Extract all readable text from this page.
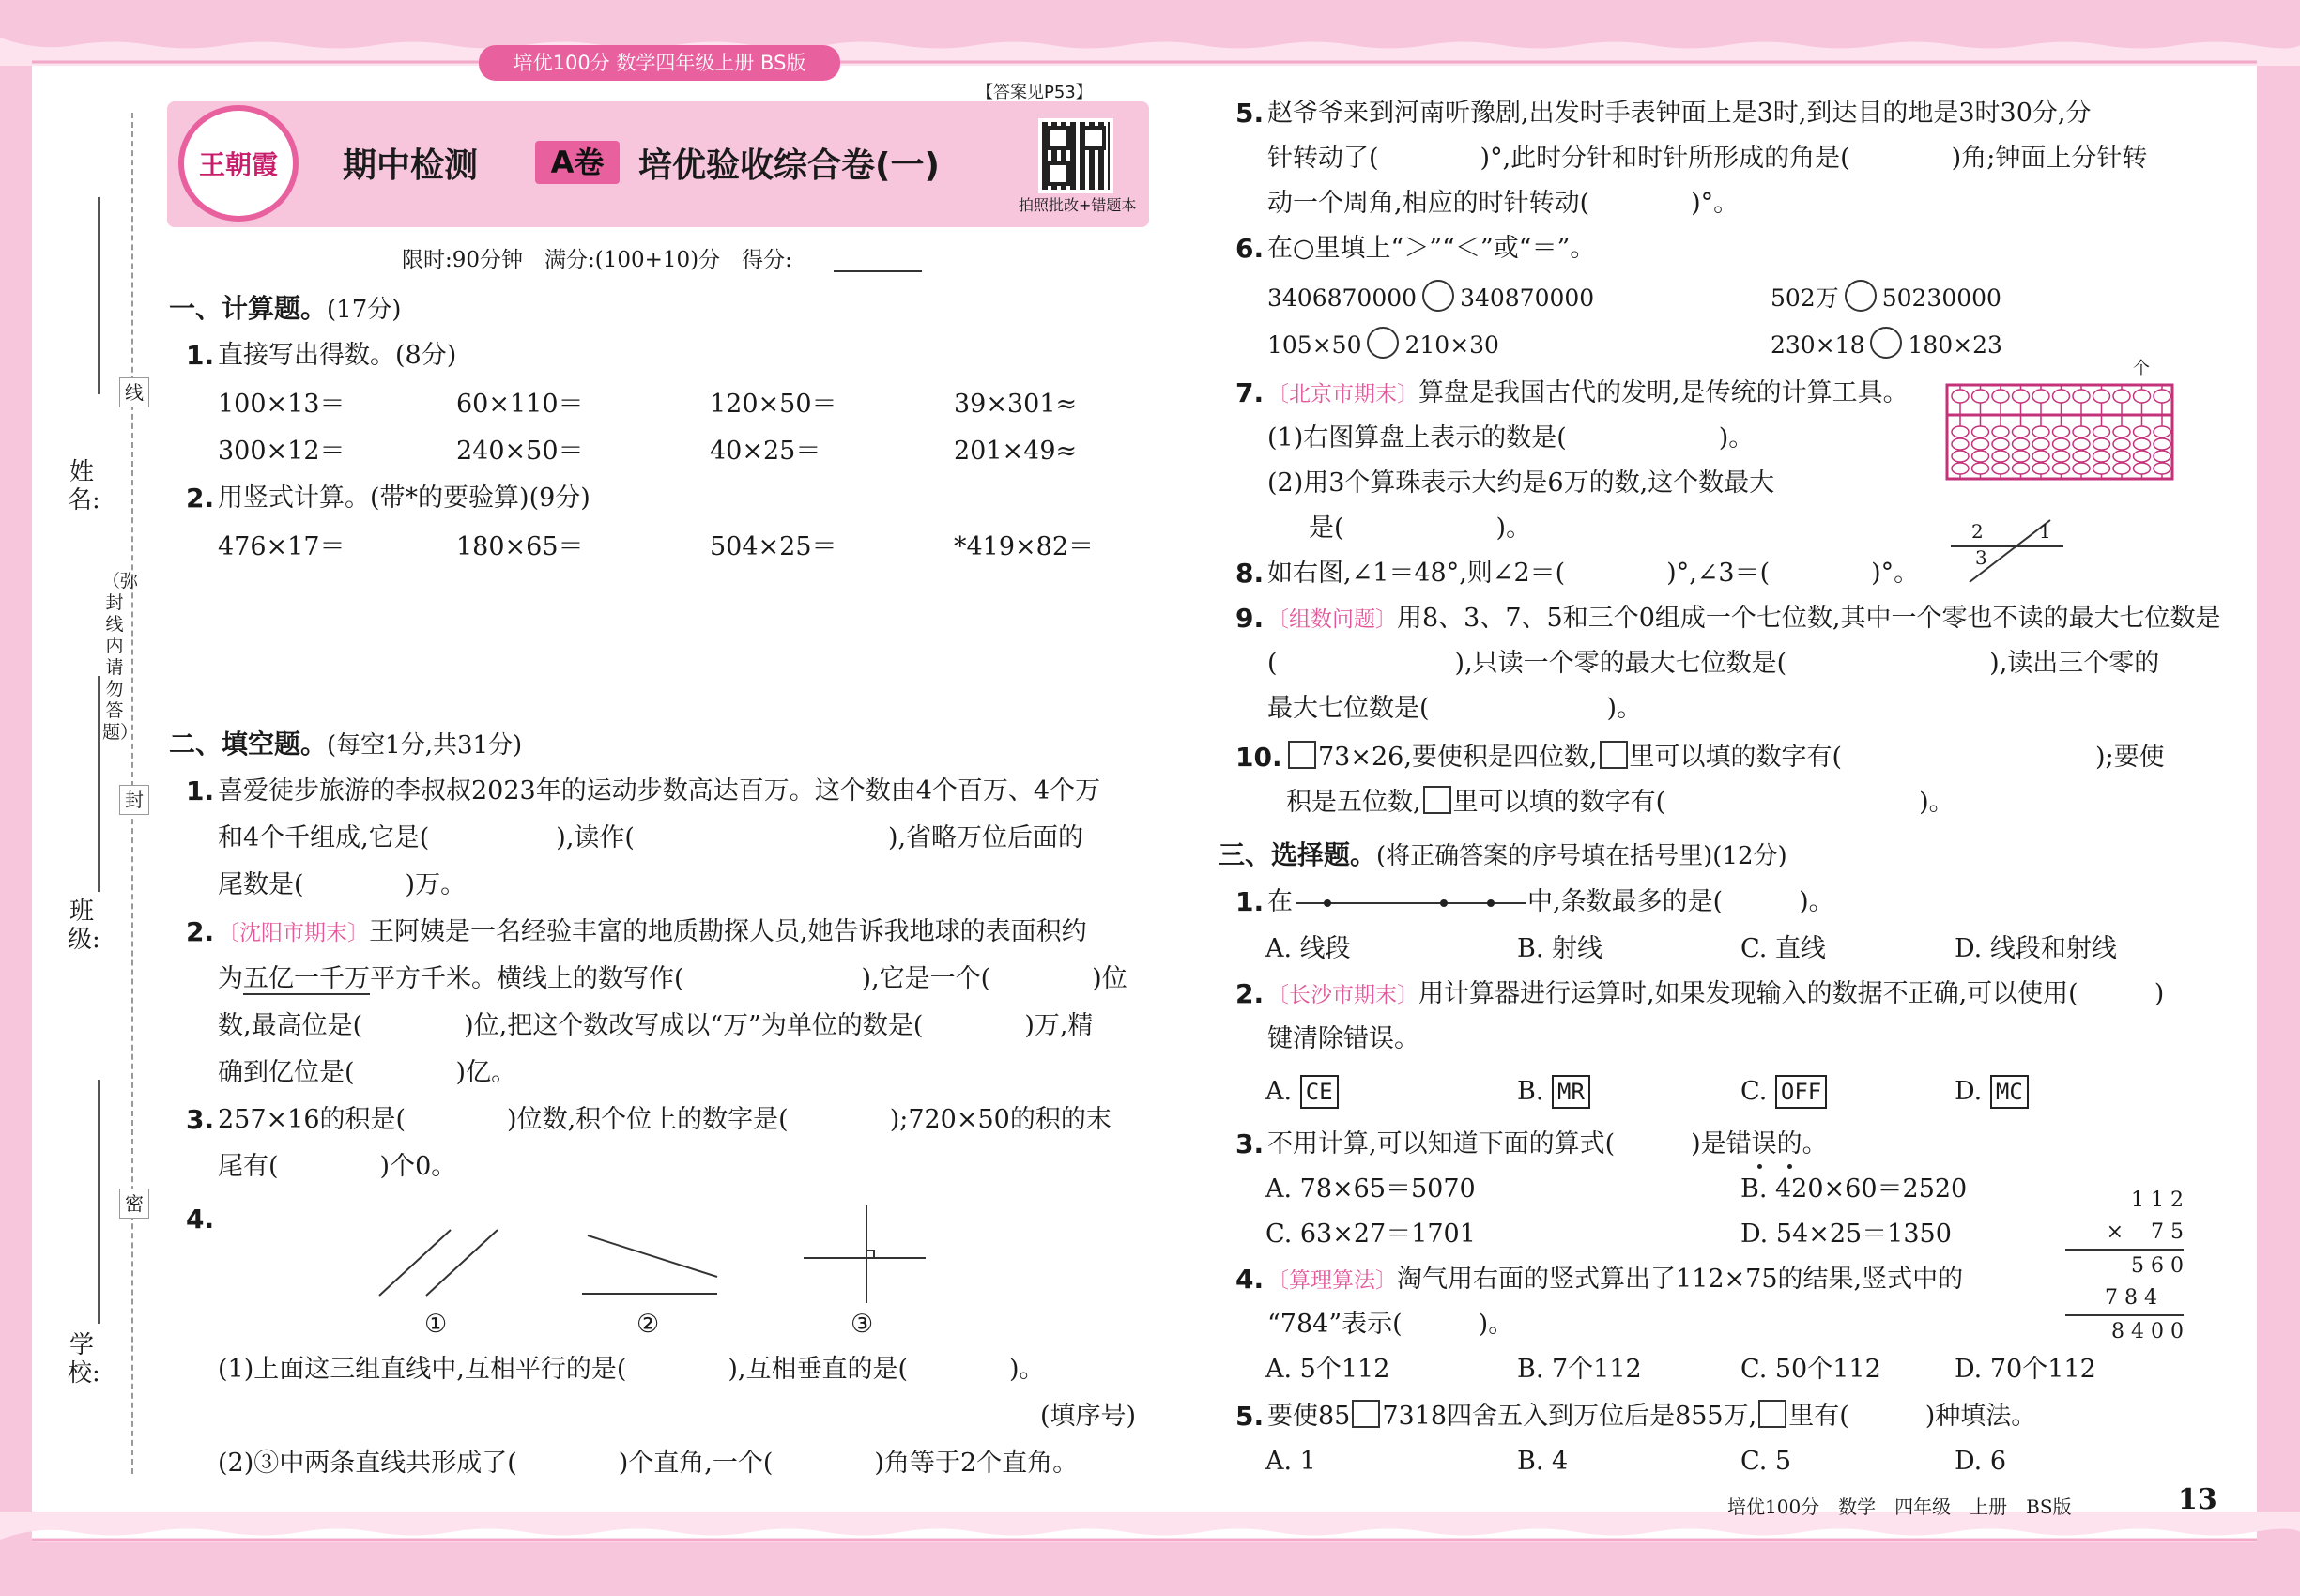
培优100分 数学四年级上册 BS版
姓名:
班级:
学校:
线
封
密
（弥封线内请勿答题）
王朝霞	期中检测	A卷	培优验收综合卷(一)
【答案见P53】
拍照批改+错题本
限时:90分钟　满分:(100+10)分　得分:
一、计算题。(17分)
1. 直接写出得数。(8分)
100×13＝	60×110＝	120×50＝	39×301≈
300×12＝	240×50＝	40×25＝	201×49≈
2. 用竖式计算。(带*的要验算)(9分)
476×17＝	180×65＝	504×25＝	*419×82＝
二、填空题。(每空1分,共31分)
1. 喜爱徒步旅游的李叔叔2023年的运动步数高达百万。这个数由4个百万、4个万
和4个千组成,它是(　　　　　),读作(　　　　　　　　　　),省略万位后面的
尾数是(　　　　)万。
2. 〔沈阳市期末〕王阿姨是一名经验丰富的地质勘探人员,她告诉我地球的表面积约
为五亿一千万平方千米。横线上的数写作(　　　　　　　),它是一个(　　　　)位
数,最高位是(　　　　)位,把这个数改写成以“万”为单位的数是(　　　　)万,精
确到亿位是(　　　　)亿。
3. 257×16的积是(　　　　)位数,积个位上的数字是(　　　　);720×50的积的末
尾有(　　　　)个0。
4.
①	②	③
(1)上面这三组直线中,互相平行的是(　　　　),互相垂直的是(　　　　)。
(填序号)
(2)③中两条直线共形成了(　　　　)个直角,一个(　　　　)角等于2个直角。
5. 赵爷爷来到河南听豫剧,出发时手表钟面上是3时,到达目的地是3时30分,分
针转动了(　　　　)°,此时分针和时针所形成的角是(　　　　)角;钟面上分针转
动一个周角,相应的时针转动(　　　　)°。
6. 在○里填上“＞”“＜”或“＝”。
3406870000 340870000	502万 50230000
105×50 210×30	230×18 180×23
7. 〔北京市期末〕算盘是我国古代的发明,是传统的计算工具。
(1)右图算盘上表示的数是(　　　　　　)。
(2)用3个算珠表示大约是6万的数,这个数最大
是(　　　　　　)。
个
8. 如右图,∠1＝48°,则∠2＝(　　　　)°,∠3＝(　　　　)°。
2	1
3
9. 〔组数问题〕用8、3、7、5和三个0组成一个七位数,其中一个零也不读的最大七位数是
(　　　　　　　),只读一个零的最大七位数是(　　　　　　　　),读出三个零的
最大七位数是(　　　　　　　)。
10.	73×26,要使积是四位数, 里可以填的数字有(　　　　　　　　　　);要使
积是五位数, 里可以填的数字有(　　　　　　　　　　)。
三、选择题。(将正确答案的序号填在括号里)(12分)
1. 在	中,条数最多的是(　　　)。
A. 线段	B. 射线	C. 直线	D. 线段和射线
2. 〔长沙市期末〕用计算器进行运算时,如果发现输入的数据不正确,可以使用(　　　)
键清除错误。
A. CE	B. MR	C. OFF	D. MC
3. 不用计算,可以知道下面的算式(　　　)是错误的。
A. 78×65＝5070	B. 420×60＝2520
C. 63×27＝1701	D. 54×25＝1350
1 1 2
×　 7 5
5 6 0
7 8 4
8 4 0 0
4. 〔算理算法〕淘气用右面的竖式算出了112×75的结果,竖式中的
“784”表示(　　　)。
A. 5个112	B. 7个112	C. 50个112	D. 70个112
5. 要使85 7318四舍五入到万位后是855万, 里有(　　　)种填法。
A. 1	B. 4	C. 5	D. 6
培优100分　数学　四年级　上册　BS版	13
